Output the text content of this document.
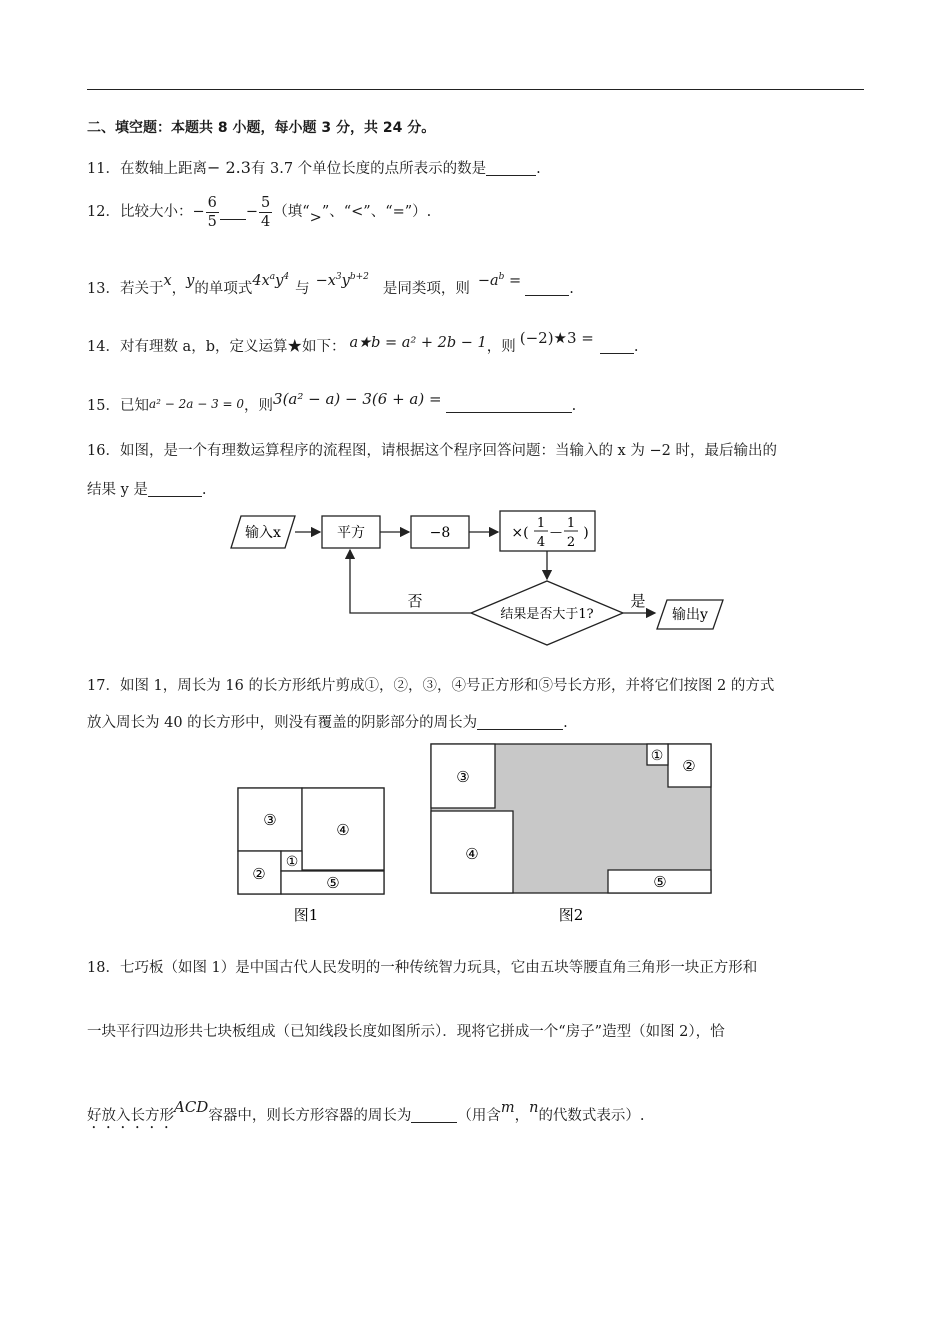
二、填空题：本题共 8 小题，每小题 3 分，共 24 分。
11．在数轴上距离− 2.3有 3.7 个单位长度的点所表示的数是	.
12．比较大小：− $\frac{6}{5} - \frac{5}{4}$ （填“>”、“<”、“=”）.
13．若关于x，y的单项式$4x^ay^4$与 $-x^3y^{b+2}$是同类项，则 $-a^b$ =	.
14．对有理数 a，b，定义运算★如下： a★b = a² + 2b − 1，则 (−2)★3 =	.
15．已知a² − 2a − 3 = 0，则3(a² − a) − 3(6 + a) =	.
16．如图，是一个有理数运算程序的流程图，请根据这个程序回答问题：当输入的 x 为 −2 时，最后输出的
结果 y 是	.
输入x	平方	−8	×(
1
4
—
1
2
)
结果是否大于1?
否	是
输出y
17．如图 1，周长为 16 的长方形纸片剪成①，②，③，④号正方形和⑤号长方形，并将它们按图 2 的方式
放入周长为 40 的长方形中，则没有覆盖的阴影部分的周长为	.
③
④
②
①
⑤
图1
③
④
②
①
⑤
图2
18．七巧板（如图 1）是中国古代人民发明的一种传统智力玩具，它由五块等腰直角三角形一块正方形和
一块平行四边形共七块板组成（已知线段长度如图所示）．现将它拼成一个“房子”造型（如图 2），恰
好放入长方形ACD容器中，则长方形容器的周长为	（用含m，n的代数式表示）.
